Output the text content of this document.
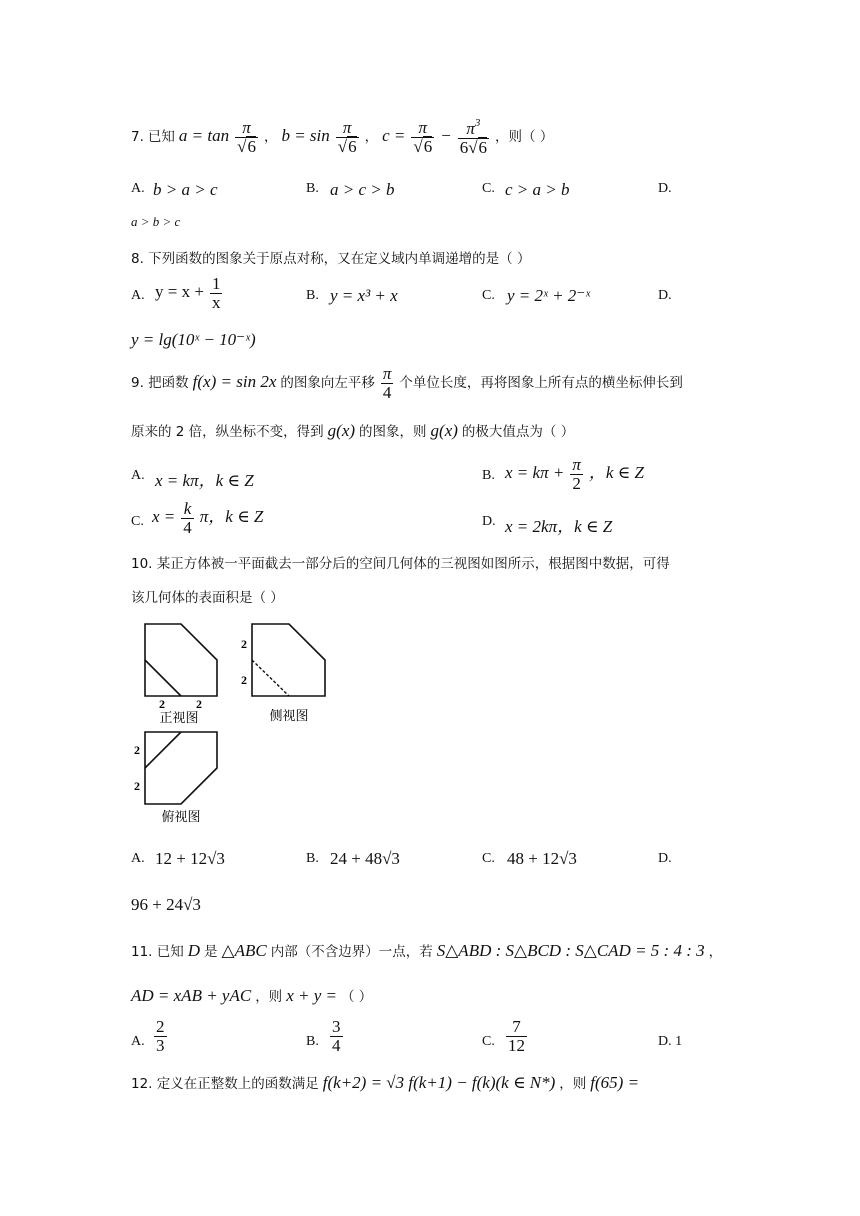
7. 已知 $a = \tan \frac{\pi}{√6}$ ， $b = \sin \frac{\pi}{√6}$ ， $c = \frac{\pi}{√6} - \frac{\pi^3}{6√6}$ ，则（ ）
A. b > a > c	B. a > c > b	C. c > a > b	D.
a > b > c
8. 下列函数的图象关于原点对称，又在定义域内单调递增的是（ ）
A. $y = x + \frac{1}{x}$	B. y = x³ + x	C. y = 2ˣ + 2⁻ˣ	D.
y = lg(10ˣ − 10⁻ˣ)
9. 把函数 f(x) = sin 2x 的图象向左平移 $\frac{\pi}{4}$ 个单位长度，再将图象上所有点的横坐标伸长到
原来的 2 倍，纵坐标不变，得到 g(x) 的图象，则 g(x) 的极大值点为（ ）
A. x = kπ，k ∈ Z	B. $x = k\pi + \frac{\pi}{2}$ ，k ∈ Z
C. $x = \frac{k}{4}$ π，k ∈ Z	D. x = 2kπ，k ∈ Z
10. 某正方体被一平面截去一部分后的空间几何体的三视图如图所示，根据图中数据，可得
该几何体的表面积是（ ）
2	2
正视图
2
2
侧视图
2
2
俯视图
A. 12 + 12√3	B. 24 + 48√3	C. 48 + 12√3	D.
96 + 24√3
11. 已知 D 是 △ABC 内部（不含边界）一点，若 S△ABD : S△BCD : S△CAD = 5 : 4 : 3 ，
AD = xAB + yAC ，则 x + y = （ ）
A. $\frac{2}{3}$	B. $\frac{3}{4}$	C. $\frac{7}{12}$	D. 1
12. 定义在正整数上的函数满足 f(k+2) = √3 f(k+1) − f(k)(k ∈ N*) ，则 f(65) =
